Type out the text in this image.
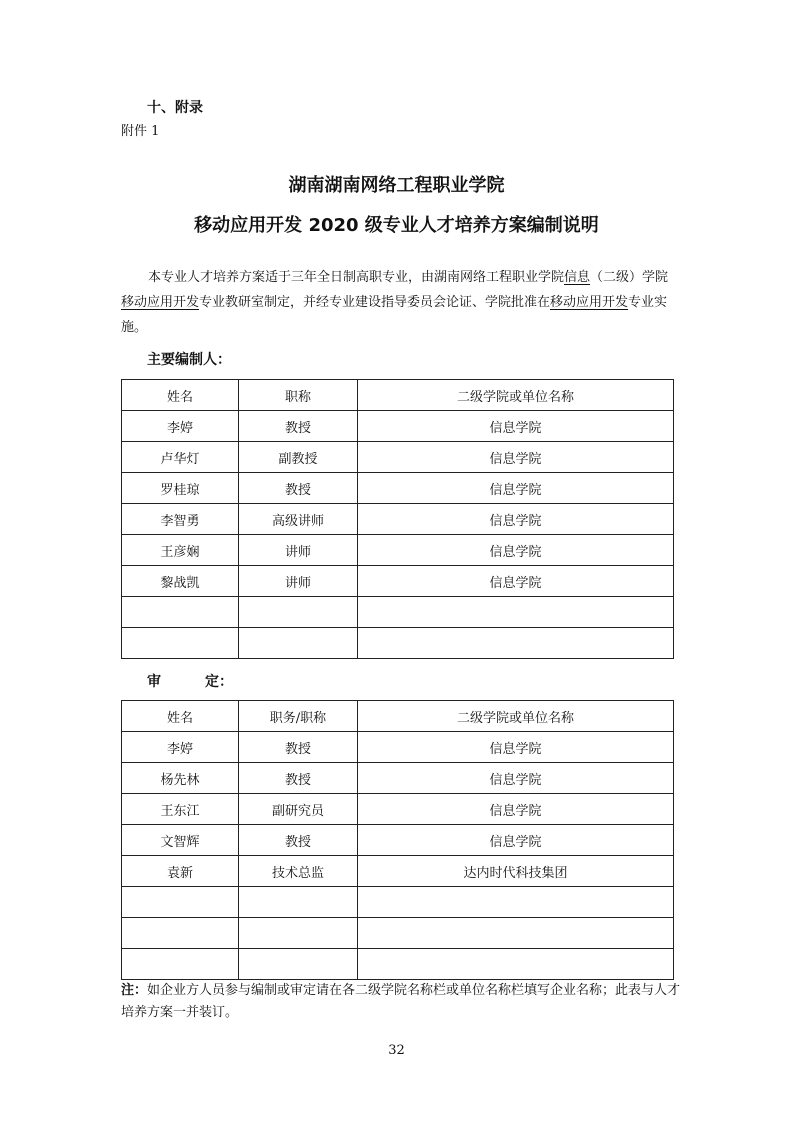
十、附录
附件 1
湖南湖南网络工程职业学院
移动应用开发 2020 级专业人才培养方案编制说明
本专业人才培养方案适于三年全日制高职专业，由湖南网络工程职业学院信息（二级）学院移动应用开发专业教研室制定，并经专业建设指导委员会论证、学院批准在移动应用开发专业实施。
主要编制人：
姓名	职称	二级学院或单位名称
李婷	教授	信息学院
卢华灯	副教授	信息学院
罗桂琼	教授	信息学院
李智勇	高级讲师	信息学院
王彦娴	讲师	信息学院
黎战凯	讲师	信息学院

审	定：
姓名	职务/职称	二级学院或单位名称
李婷	教授	信息学院
杨先林	教授	信息学院
王东江	副研究员	信息学院
文智辉	教授	信息学院
袁新	技术总监	达内时代科技集团

注：如企业方人员参与编制或审定请在各二级学院名称栏或单位名称栏填写企业名称；此表与人才培养方案一并装订。
32
